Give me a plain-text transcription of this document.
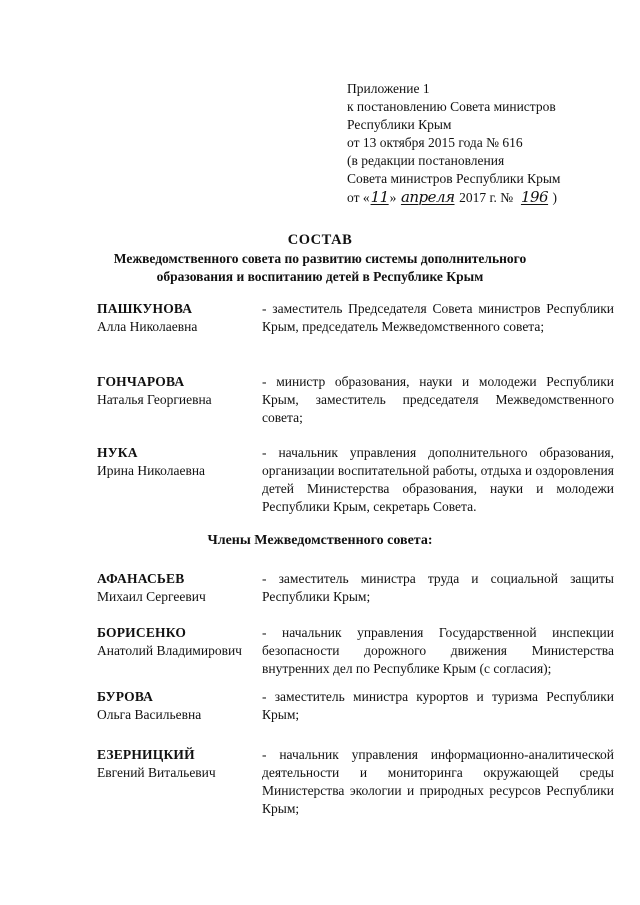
Приложение 1
к постановлению Совета министров
Республики Крым
от 13 октября 2015 года № 616
(в редакции постановления
Совета министров Республики Крым
от «11» апреля 2017 г. № 196 )
СОСТАВ
Межведомственного совета по развитию системы дополнительного
образования и воспитанию детей в Республике Крым
ПАШКУНОВА
Алла Николаевна
- заместитель Председателя Совета министров Республики Крым, председатель Межведомственного совета;
ГОНЧАРОВА
Наталья Георгиевна
- министр образования, науки и молодежи Республики Крым, заместитель председателя Межведомственного совета;
НУКА
Ирина Николаевна
- начальник управления дополнительного образования, организации воспитательной работы, отдыха и оздоровления детей Министерства образования, науки и молодежи Республики Крым, секретарь Совета.
Члены Межведомственного совета:
АФАНАСЬЕВ
Михаил Сергеевич
- заместитель министра труда и социальной защиты Республики Крым;
БОРИСЕНКО
Анатолий Владимирович
- начальник управления Государственной инспекции безопасности дорожного движения Министерства внутренних дел по Республике Крым (с согласия);
БУРОВА
Ольга Васильевна
- заместитель министра курортов и туризма Республики Крым;
ЕЗЕРНИЦКИЙ
Евгений Витальевич
- начальник управления информационно-аналитической деятельности и мониторинга окружающей среды Министерства экологии и природных ресурсов Республики Крым;
